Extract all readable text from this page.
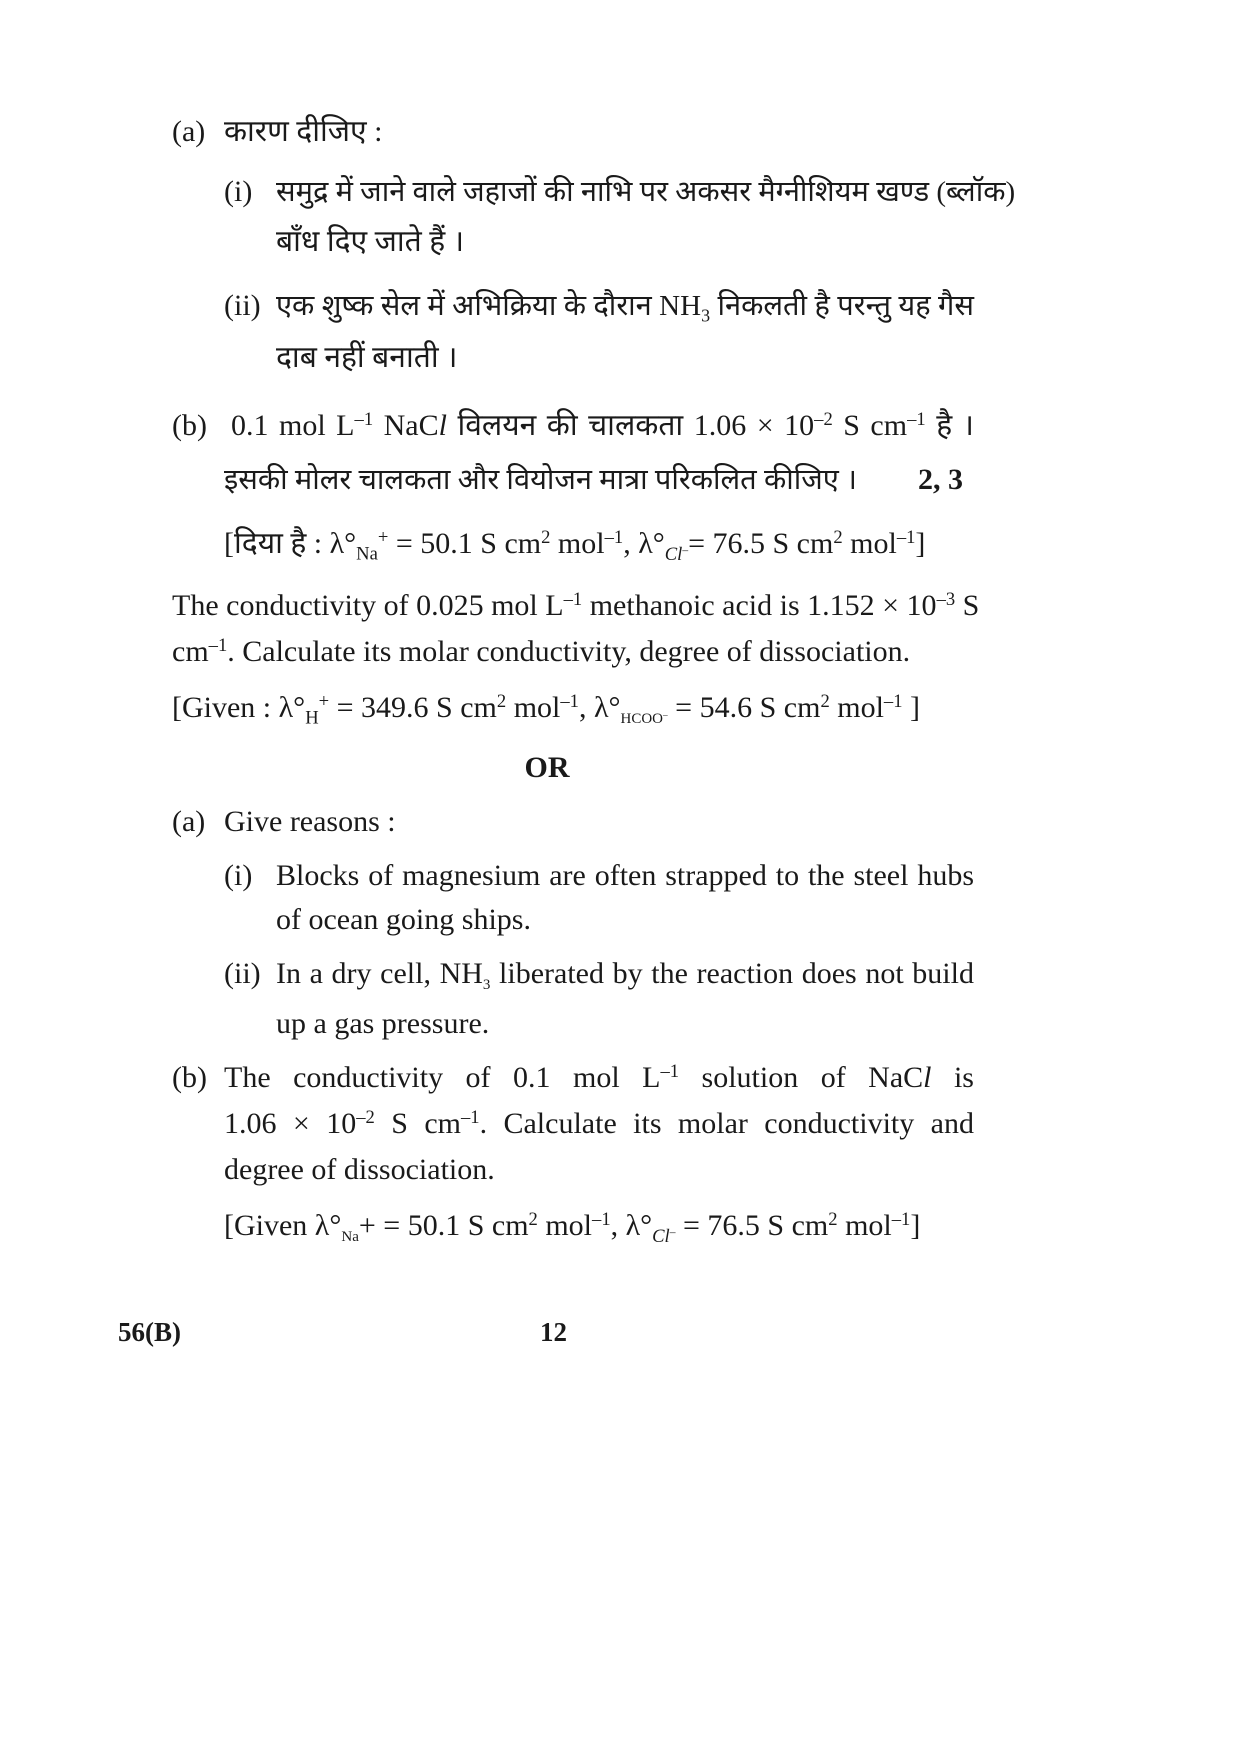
(a) कारण दीजिए :
(i) समुद्र में जाने वाले जहाजों की नाभि पर अकसर मैग्नीशियम खण्ड (ब्लॉक)
बाँध दिए जाते हैं ।
(ii) एक शुष्क सेल में अभिक्रिया के दौरान $NH_3$ निकलती है परन्तु यह गैस
दाब नहीं बनाती ।
(b) 0.1 mol $L^{-1}$ NaCl विलयन की चालकता $1.06 \times 10^{-2}$ S $cm^{-1}$ है ।
इसकी मोलर चालकता और वियोजन मात्रा परिकलित कीजिए । 2, 3
[दिया है : $\lambda^\circ_{Na}^+ = 50.1$ S $cm^2$ mol$^{-1}$, $\lambda^\circ_{Cl^-}= 76.5$ S $cm^2$ mol$^{-1}$]
The conductivity of 0.025 mol $L^{-1}$ methanoic acid is $1.152 \times 10^{-3}$ S
$cm^{-1}$. Calculate its molar conductivity, degree of dissociation.
[Given : $\lambda^\circ_H^+ = 349.6$ S $cm^2$ mol$^{-1}$, $\lambda^\circ_{HCOO^-} = 54.6$ S $cm^2$ mol$^{-1}$ ]
OR
(a) Give reasons :
(i) Blocks of magnesium are often strapped to the steel hubs
of ocean going ships.
(ii) In a dry cell, $NH_3$ liberated by the reaction does not build
up a gas pressure.
(b) The conductivity of 0.1 mol $L^{-1}$ solution of NaCl is
$1.06 \times 10^{-2}$ S $cm^{-1}$. Calculate its molar conductivity and
degree of dissociation.
[Given $\lambda^\circ_{Na}+ = 50.1$ S $cm^2$ mol$^{-1}$, $\lambda^\circ_{Cl^-} = 76.5$ S $cm^2$ mol$^{-1}$]
56(B)	12
